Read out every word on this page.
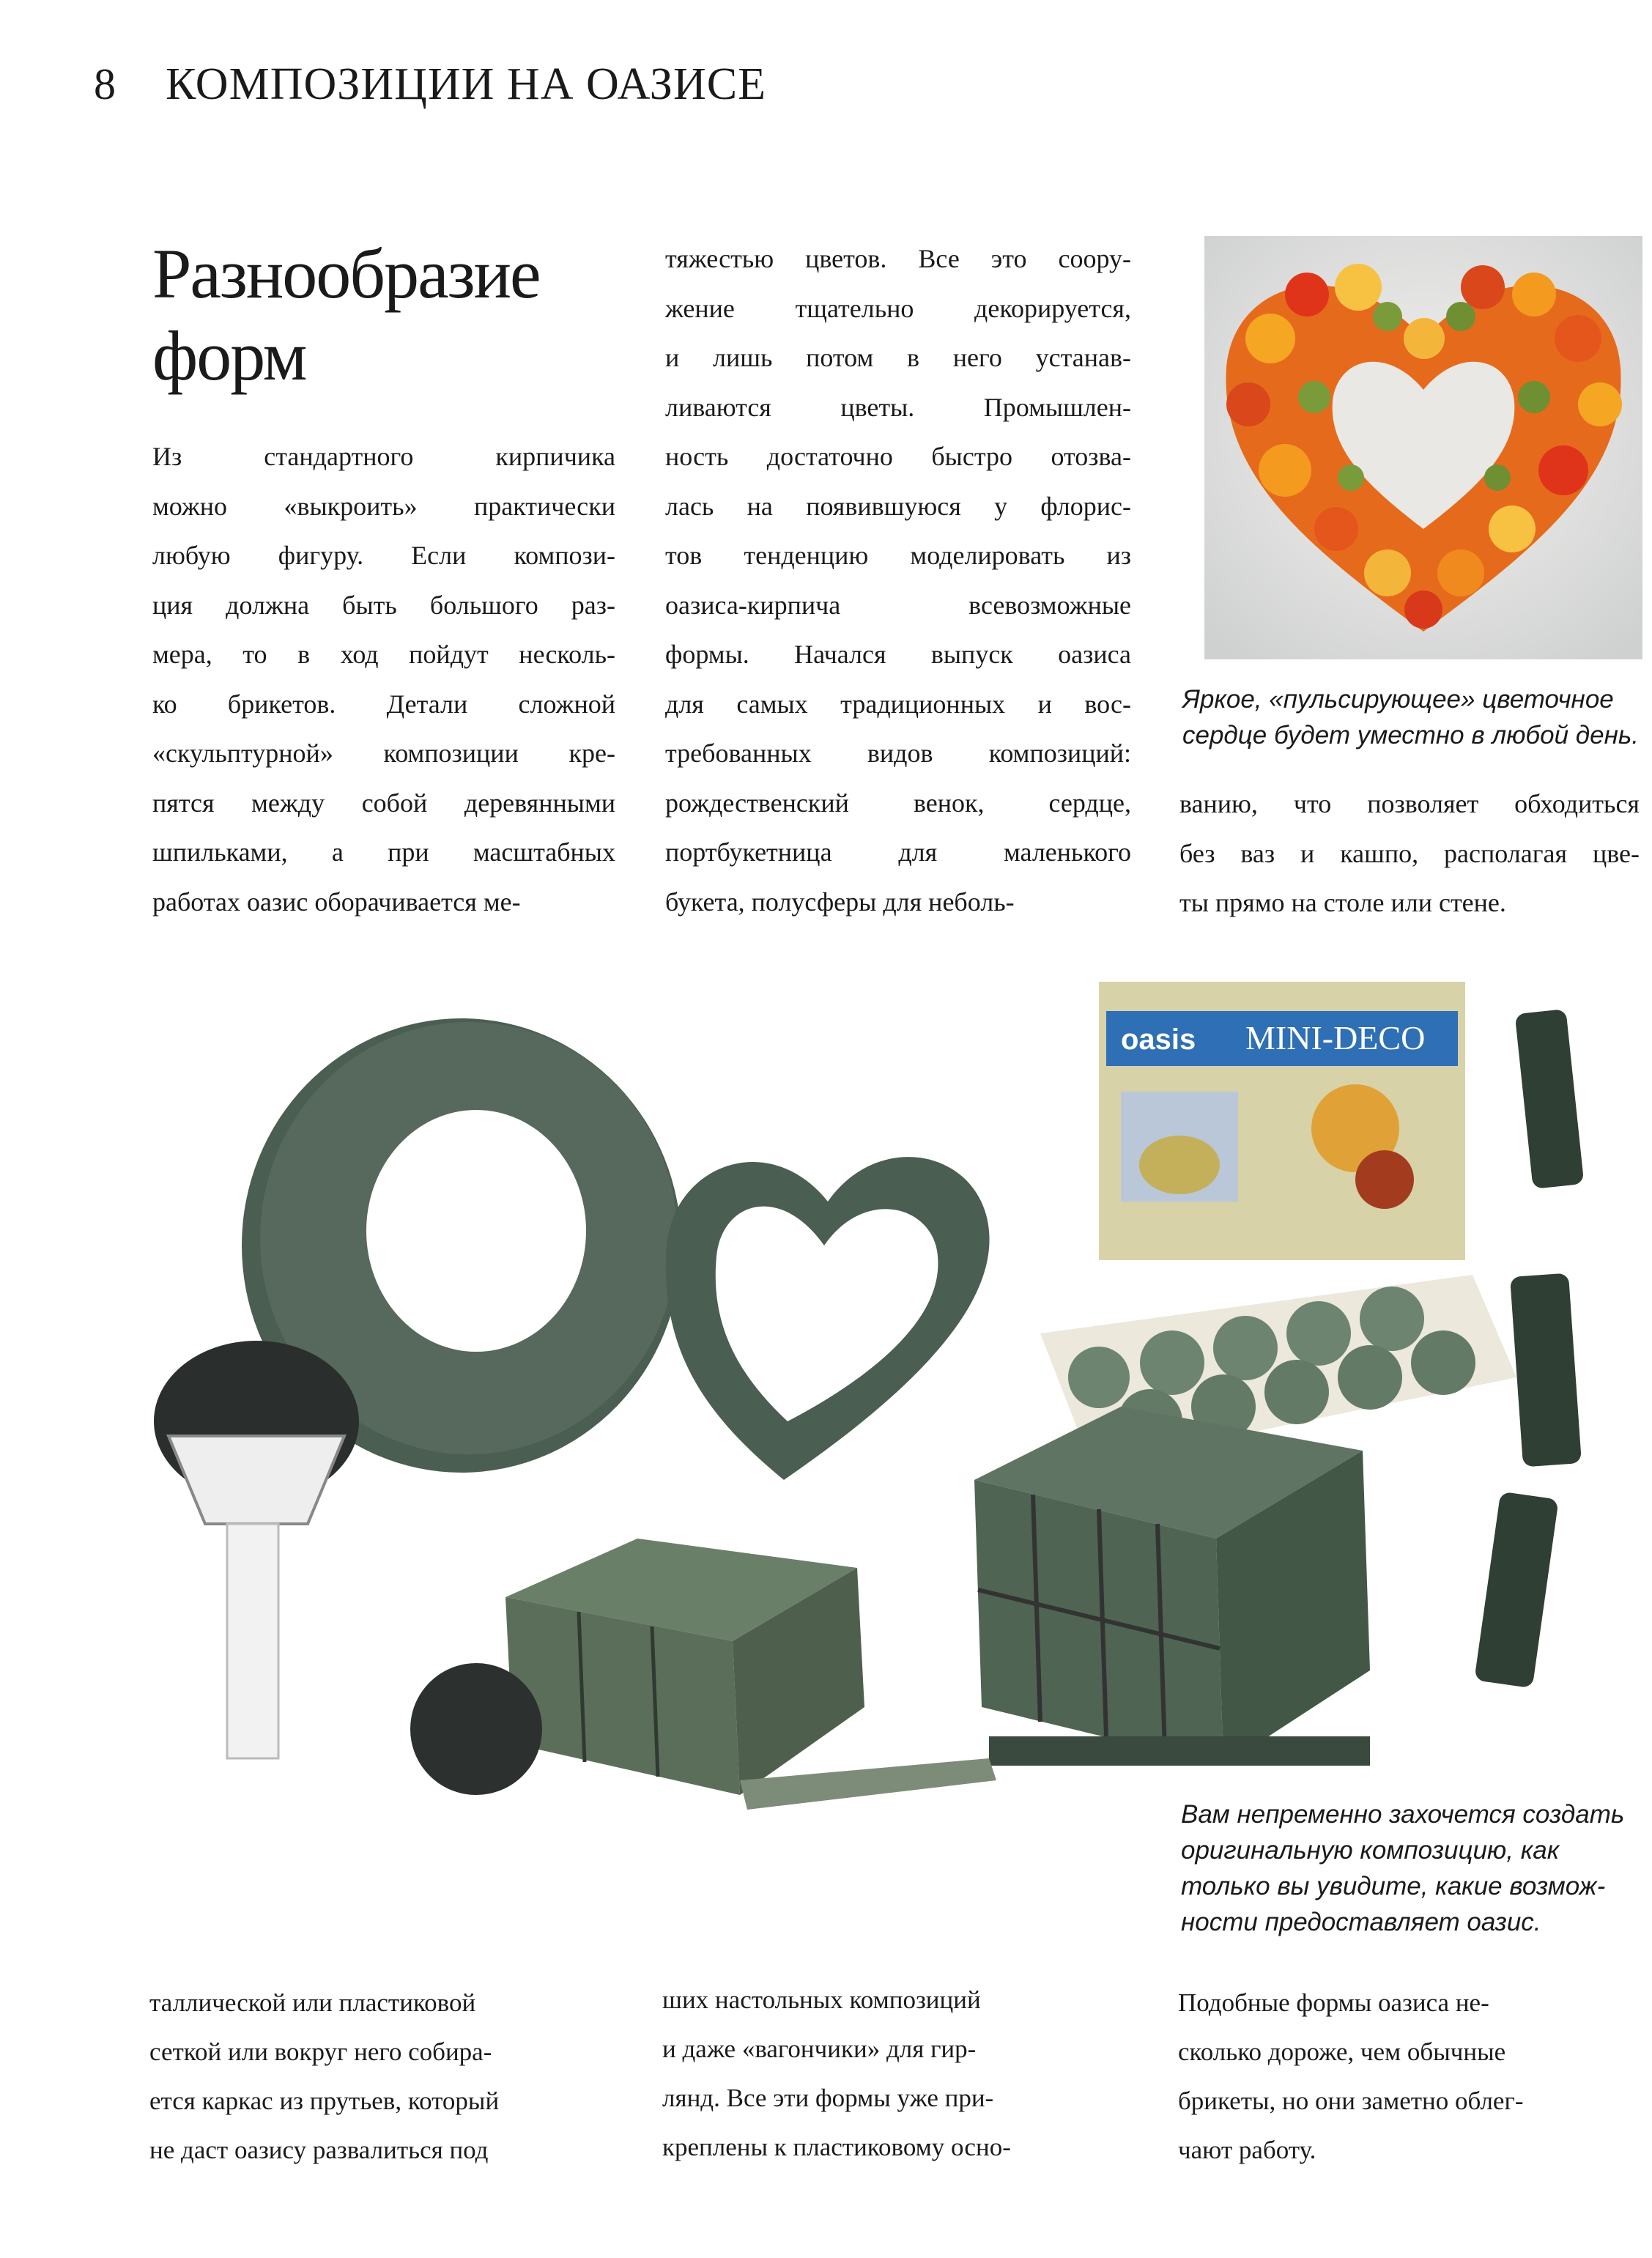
8 КОМПОЗИЦИИ НА ОАЗИСЕ
Разнообразие
форм
Из стандартного кирпичика
можно «выкроить» практически
любую фигуру. Если компози-
ция должна быть большого раз-
мера, то в ход пойдут несколь-
ко брикетов. Детали сложной
«скульптурной» композиции кре-
пятся между собой деревянными
шпильками, а при масштабных
работах оазис оборачивается ме-
тяжестью цветов. Все это соору-
жение тщательно декорируется,
и лишь потом в него устанав-
ливаются цветы. Промышлен-
ность достаточно быстро отозва-
лась на появившуюся у флорис-
тов тенденцию моделировать из
оазиса-кирпича всевозможные
формы. Начался выпуск оазиса
для самых традиционных и вос-
требованных видов композиций:
рождественский венок, сердце,
портбукетница для маленького
букета, полусферы для неболь-
Яркое, «пульсирующее» цветочное
сердце будет уместно в любой день.
ванию, что позволяет обходиться
без ваз и кашпо, располагая цве-
ты прямо на столе или стене.
oasis MINI-DECO
Вам непременно захочется создать
оригинальную композицию, как
только вы увидите, какие возмож-
ности предоставляет оазис.
таллической или пластиковой
сеткой или вокруг него собира-
ется каркас из прутьев, который
не даст оазису развалиться под
ших настольных композиций
и даже «вагончики» для гир-
лянд. Все эти формы уже при-
креплены к пластиковому осно-
Подобные формы оазиса не-
сколько дороже, чем обычные
брикеты, но они заметно облег-
чают работу.
